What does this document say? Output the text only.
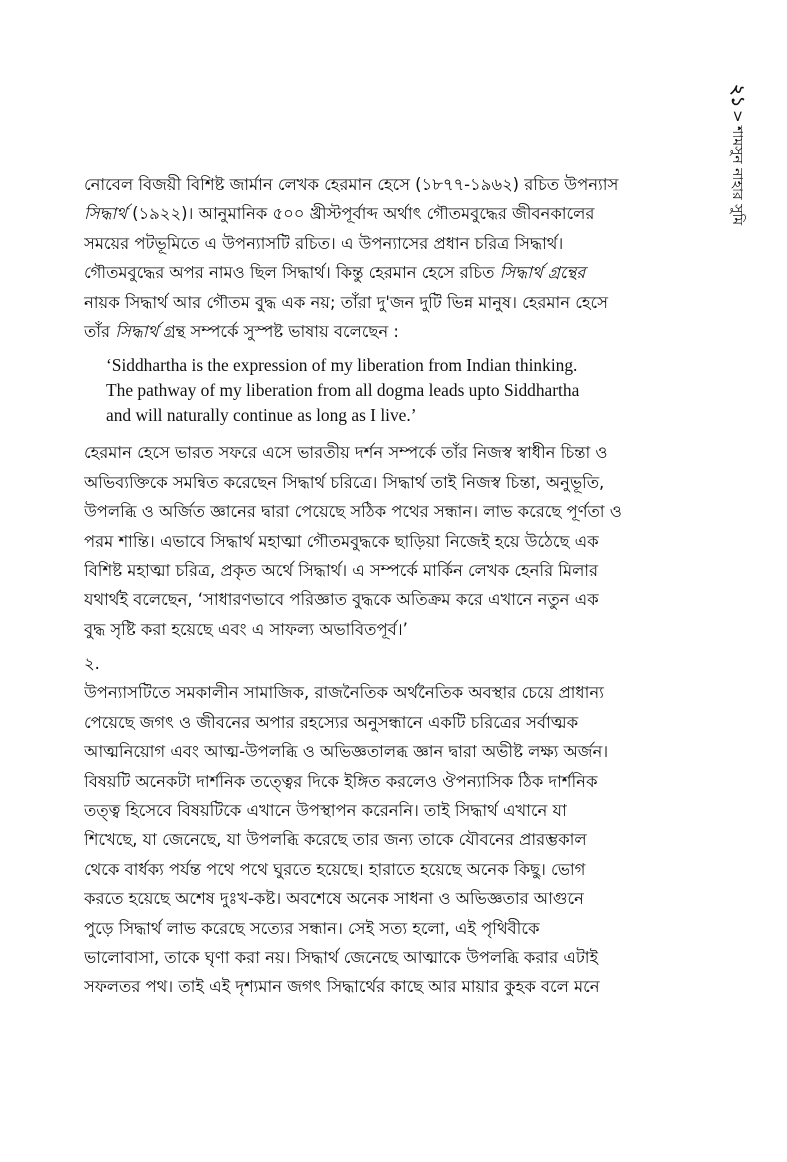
২১
>
শামসুন নাহার সুমি

নোবেল বিজয়ী বিশিষ্ট জার্মান লেখক হেরমান হেসে (১৮৭৭-১৯৬২) রচিত উপন্যাস
সিদ্ধার্থ (১৯২২)। আনুমানিক ৫০০ খ্রীস্টপূর্বাব্দ অর্থাৎ গৌতমবুদ্ধের জীবনকালের
সময়ের পটভূমিতে এ উপন্যাসটি রচিত। এ উপন্যাসের প্রধান চরিত্র সিদ্ধার্থ।
গৌতমবুদ্ধের অপর নামও ছিল সিদ্ধার্থ। কিন্তু হেরমান হেসে রচিত সিদ্ধার্থ গ্রন্থের
নায়ক সিদ্ধার্থ আর গৌতম বুদ্ধ এক নয়; তাঁরা দু'জন দুটি ভিন্ন মানুষ। হেরমান হেসে
তাঁর সিদ্ধার্থ গ্রন্থ সম্পর্কে সুস্পষ্ট ভাষায় বলেছেন :

‘Siddhartha is the expression of my liberation from Indian thinking.
The pathway of my liberation from all dogma leads upto Siddhartha
and will naturally continue as long as I live.’

হেরমান হেসে ভারত সফরে এসে ভারতীয় দর্শন সম্পর্কে তাঁর নিজস্ব স্বাধীন চিন্তা ও
অভিব্যক্তিকে সমন্বিত করেছেন সিদ্ধার্থ চরিত্রে। সিদ্ধার্থ তাই নিজস্ব চিন্তা, অনুভূতি,
উপলব্ধি ও অর্জিত জ্ঞানের দ্বারা পেয়েছে সঠিক পথের সন্ধান। লাভ করেছে পূর্ণতা ও
পরম শান্তি। এভাবে সিদ্ধার্থ মহাত্মা গৌতমবুদ্ধকে ছাড়িয়া নিজেই হয়ে উঠেছে এক
বিশিষ্ট মহাত্মা চরিত্র, প্রকৃত অর্থে সিদ্ধার্থ। এ সম্পর্কে মার্কিন লেখক হেনরি মিলার
যথার্থই বলেছেন, ‘সাধারণভাবে পরিজ্ঞাত বুদ্ধকে অতিক্রম করে এখানে নতুন এক
বুদ্ধ সৃষ্টি করা হয়েছে এবং এ সাফল্য অভাবিতপূর্ব।’

২.

উপন্যাসটিতে সমকালীন সামাজিক, রাজনৈতিক অর্থনৈতিক অবস্থার চেয়ে প্রাধান্য
পেয়েছে জগৎ ও জীবনের অপার রহস্যের অনুসন্ধানে একটি চরিত্রের সর্বাত্মক
আত্মনিয়োগ এবং আত্ম-উপলব্ধি ও অভিজ্ঞতালব্ধ জ্ঞান দ্বারা অভীষ্ট লক্ষ্য অর্জন।
বিষয়টি অনেকটা দার্শনিক তত্ত্বের দিকে ইঙ্গিত করলেও ঔপন্যাসিক ঠিক দার্শনিক
তত্ত্ব হিসেবে বিষয়টিকে এখানে উপস্থাপন করেননি। তাই সিদ্ধার্থ এখানে যা
শিখেছে, যা জেনেছে, যা উপলব্ধি করেছে তার জন্য তাকে যৌবনের প্রারম্ভকাল
থেকে বার্ধক্য পর্যন্ত পথে পথে ঘুরতে হয়েছে। হারাতে হয়েছে অনেক কিছু। ভোগ
করতে হয়েছে অশেষ দুঃখ-কষ্ট। অবশেষে অনেক সাধনা ও অভিজ্ঞতার আগুনে
পুড়ে সিদ্ধার্থ লাভ করেছে সত্যের সন্ধান। সেই সত্য হলো, এই পৃথিবীকে
ভালোবাসা, তাকে ঘৃণা করা নয়। সিদ্ধার্থ জেনেছে আত্মাকে উপলব্ধি করার এটাই
সফলতর পথ। তাই এই দৃশ্যমান জগৎ সিদ্ধার্থের কাছে আর মায়ার কুহক বলে মনে
